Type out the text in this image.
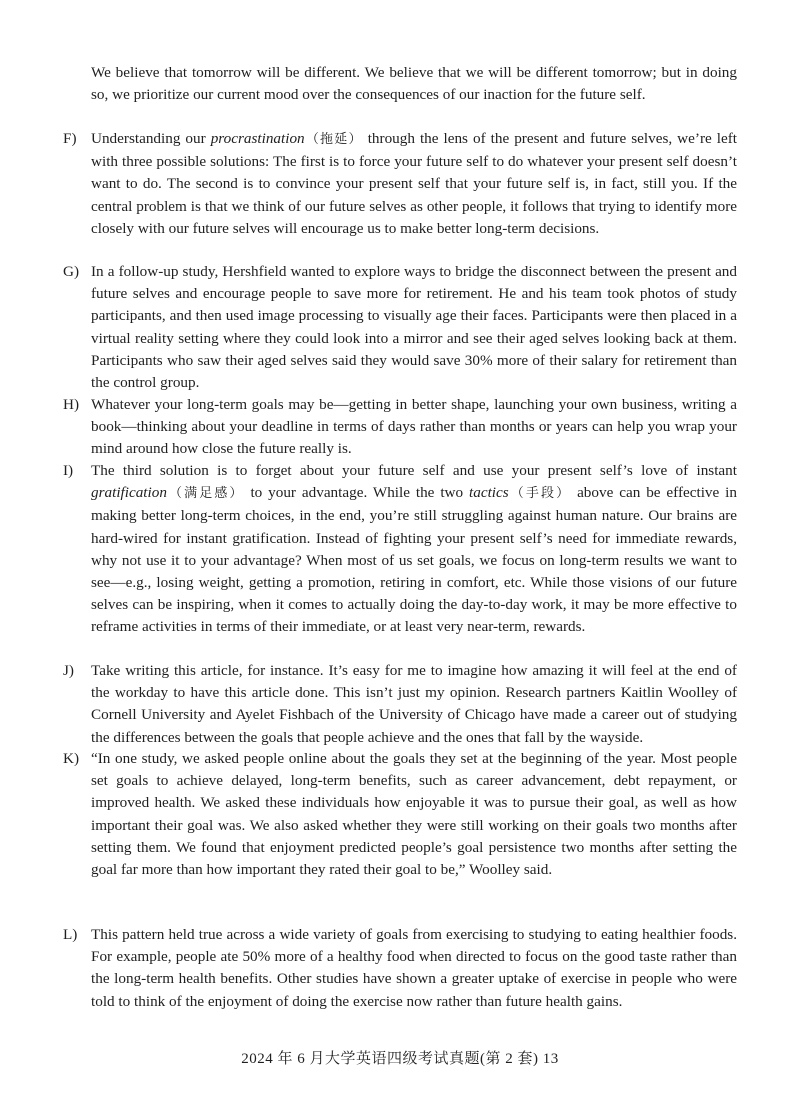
We believe that tomorrow will be different. We believe that we will be different tomorrow; but in doing so, we prioritize our current mood over the consequences of our inaction for the future self.

F) Understanding our procrastination（拖延） through the lens of the present and future selves, we’re left with three possible solutions: The first is to force your future self to do whatever your present self doesn’t want to do. The second is to convince your present self that your future self is, in fact, still you. If the central problem is that we think of our future selves as other people, it follows that trying to identify more closely with our future selves will encourage us to make better long-term decisions.

G) In a follow-up study, Hershfield wanted to explore ways to bridge the disconnect between the present and future selves and encourage people to save more for retirement. He and his team took photos of study participants, and then used image processing to visually age their faces. Participants were then placed in a virtual reality setting where they could look into a mirror and see their aged selves looking back at them. Participants who saw their aged selves said they would save 30% more of their salary for retirement than the control group.

H) Whatever your long-term goals may be—getting in better shape, launching your own business, writing a book—thinking about your deadline in terms of days rather than months or years can help you wrap your mind around how close the future really is.

I)	The third solution is to forget about your future self and use your present self’s love of instant gratification（满足感） to your advantage. While the two tactics（手段） above can be effective in making better long-term choices, in the end, you’re still struggling against human nature. Our brains are hard-wired for instant gratification. Instead of fighting your present self’s need for immediate rewards, why not use it to your advantage? When most of us set goals, we focus on long-term results we want to see—e.g., losing weight, getting a promotion, retiring in comfort, etc. While those visions of our future selves can be inspiring, when it comes to actually doing the day-to-day work, it may be more effective to reframe activities in terms of their immediate, or at least very near-term, rewards.

J)	Take writing this article, for instance. It’s easy for me to imagine how amazing it will feel at the end of the workday to have this article done. This isn’t just my opinion. Research partners Kaitlin Woolley of Cornell University and Ayelet Fishbach of the University of Chicago have made a career out of studying the differences between the goals that people achieve and the ones that fall by the wayside.

K) “In one study, we asked people online about the goals they set at the beginning of the year. Most people set goals to achieve delayed, long-term benefits, such as career advancement, debt repayment, or improved health. We asked these individuals how enjoyable it was to pursue their goal, as well as how important their goal was. We also asked whether they were still working on their goals two months after setting them. We found that enjoyment predicted people’s goal persistence two months after setting the goal far more than how important they rated their goal to be,” Woolley said.

L) This pattern held true across a wide variety of goals from exercising to studying to eating healthier foods. For example, people ate 50% more of a healthy food when directed to focus on the good taste rather than the long-term health benefits. Other studies have shown a greater uptake of exercise in people who were told to think of the enjoyment of doing the exercise now rather than future health gains.

2024 年 6 月大学英语四级考试真题(第 2 套) 13
